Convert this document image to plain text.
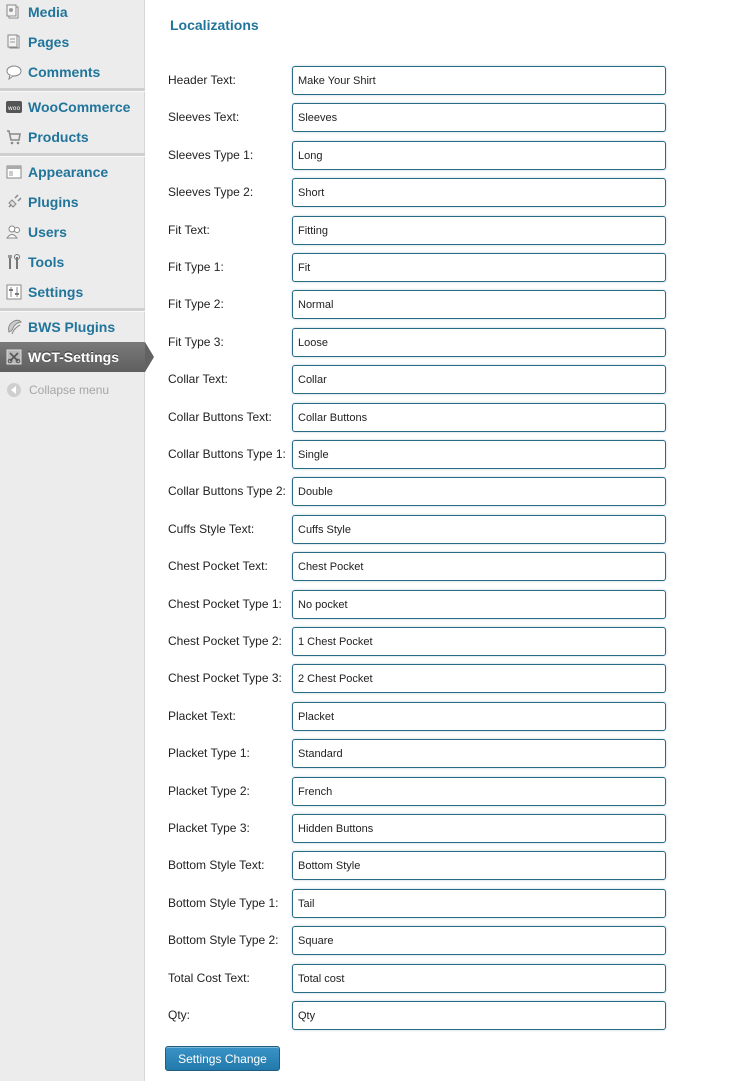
Media
Pages
Comments
woo WooCommerce
Products
Appearance
Plugins
Users
Tools
Settings
BWS Plugins
WCT-Settings
Collapse menu
Localizations
Header Text:
Make Your Shirt
Sleeves Text:
Sleeves
Sleeves Type 1:
Long
Sleeves Type 2:
Short
Fit Text:
Fitting
Fit Type 1:
Fit
Fit Type 2:
Normal
Fit Type 3:
Loose
Collar Text:
Collar
Collar Buttons Text:
Collar Buttons
Collar Buttons Type 1:
Single
Collar Buttons Type 2:
Double
Cuffs Style Text:
Cuffs Style
Chest Pocket Text:
Chest Pocket
Chest Pocket Type 1:
No pocket
Chest Pocket Type 2:
1 Chest Pocket
Chest Pocket Type 3:
2 Chest Pocket
Placket Text:
Placket
Placket Type 1:
Standard
Placket Type 2:
French
Placket Type 3:
Hidden Buttons
Bottom Style Text:
Bottom Style
Bottom Style Type 1:
Tail
Bottom Style Type 2:
Square
Total Cost Text:
Total cost
Qty:
Qty
Settings Change
